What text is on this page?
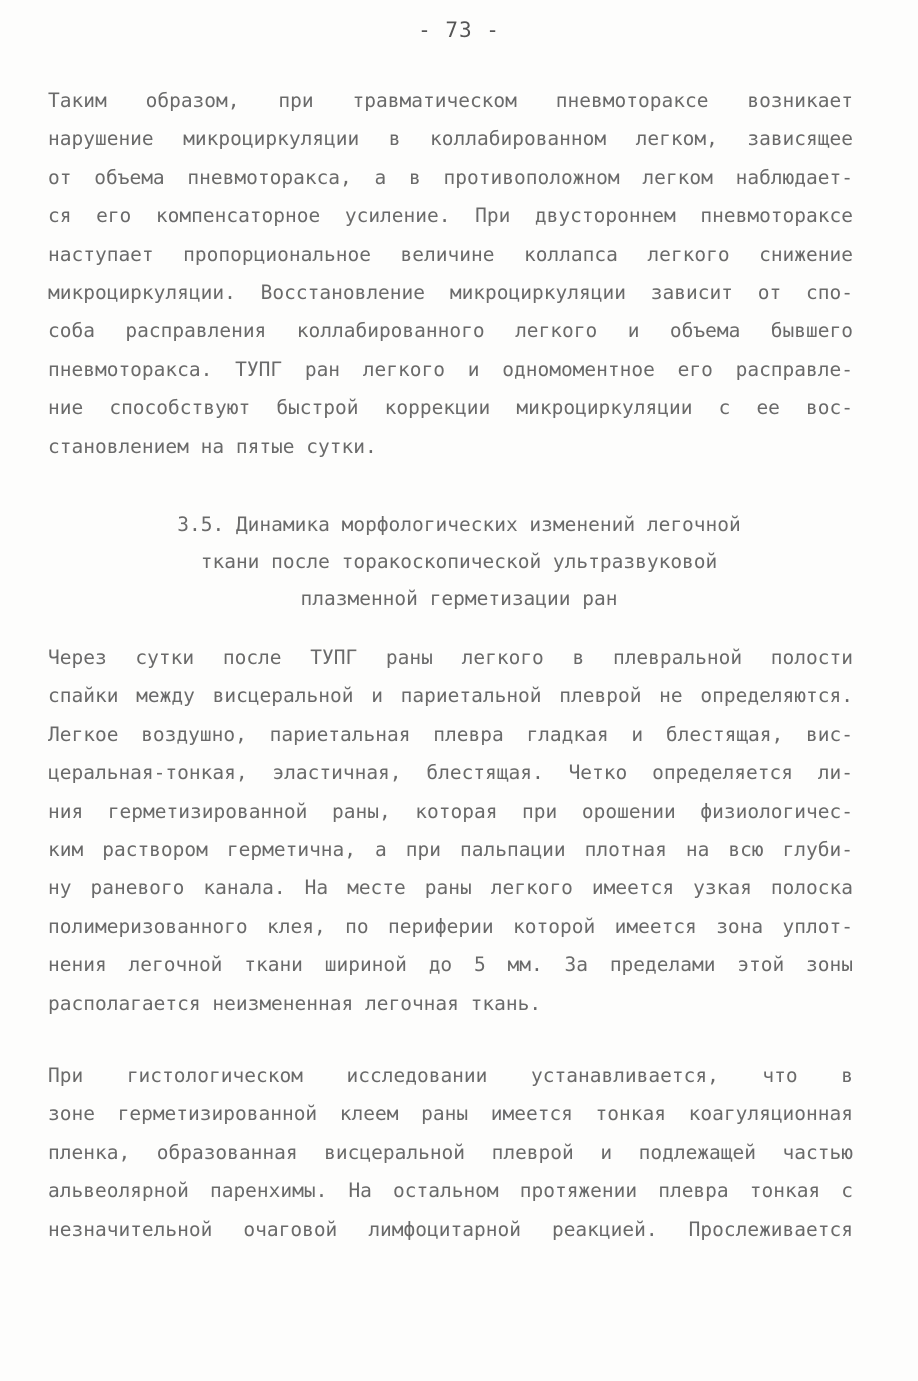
- 73 -
Таким образом, при травматическом пневмотораксе возникает
нарушение микроциркуляции в коллабированном легком, зависящее
от объема пневмоторакса, а в противоположном легком наблюдает-
ся его компенсаторное усиление. При двустороннем пневмотораксе
наступает пропорциональное величине коллапса легкого снижение
микроциркуляции. Восстановление микроциркуляции зависит от спо-
соба расправления коллабированного легкого и объема бывшего
пневмоторакса. ТУПГ ран легкого и одномоментное его расправле-
ние способствуют быстрой коррекции микроциркуляции с ее вос-
становлением на пятые сутки.
3.5. Динамика морфологических изменений легочной
ткани после торакоскопической ультразвуковой
плазменной герметизации ран
Через сутки после ТУПГ раны легкого в плевральной полости
спайки между висцеральной и париетальной плеврой не определяются.
Легкое воздушно, париетальная плевра гладкая и блестящая, вис-
церальная-тонкая, эластичная, блестящая. Четко определяется ли-
ния герметизированной раны, которая при орошении физиологичес-
ким раствором герметична, а при пальпации плотная на всю глуби-
ну раневого канала. На месте раны легкого имеется узкая полоска
полимеризованного клея, по периферии которой имеется зона уплот-
нения легочной ткани шириной до 5 мм. За пределами этой зоны
располагается неизмененная легочная ткань.
При гистологическом исследовании устанавливается, что в
зоне герметизированной клеем раны имеется тонкая коагуляционная
пленка, образованная висцеральной плеврой и подлежащей частью
альвеолярной паренхимы. На остальном протяжении плевра тонкая с
незначительной очаговой лимфоцитарной реакцией. Прослеживается
